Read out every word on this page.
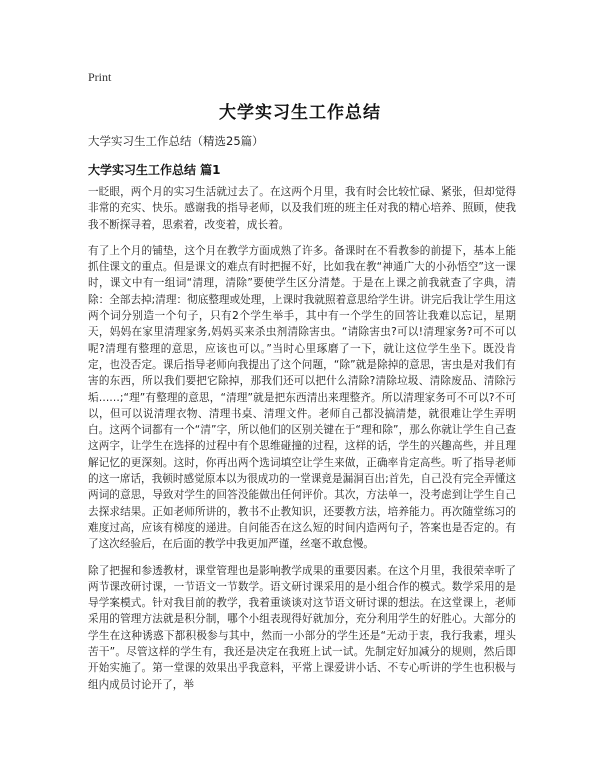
Print
大学实习生工作总结
大学实习生工作总结（精选25篇）
大学实习生工作总结 篇1

一眨眼，两个月的实习生活就过去了。在这两个月里，我有时会比较忙碌、紧张，但却觉得非常的充实、快乐。感谢我的指导老师，以及我们班的班主任对我的精心培养、照顾，使我我不断探寻着，思索着，改变着，成长着。

有了上个月的铺垫，这个月在教学方面成熟了许多。备课时在不看教参的前提下，基本上能抓住课文的重点。但是课文的难点有时把握不好，比如我在教“神通广大的小孙悟空”这一课时，课文中有一组词“清理，清除”要使学生区分清楚。于是在上课之前我就查了字典，清除：全部去掉;清理：彻底整理或处理，上课时我就照着意思给学生讲。讲完后我让学生用这两个词分别造一个句子，只有2个学生举手，其中有一个学生的回答让我难以忘记，星期天，妈妈在家里清理家务,妈妈买来杀虫剂清除害虫。“请除害虫?可以!清理家务?可不可以呢?清理有整理的意思，应该也可以。”当时心里琢磨了一下，就让这位学生坐下。既没肯定，也没否定。课后指导老师向我提出了这个问题，“除”就是除掉的意思，害虫是对我们有害的东西，所以我们要把它除掉，那我们还可以把什么清除?清除垃圾、清除废品、清除污垢……;“理”有整理的意思，“清理”就是把东西清出来理整齐。所以清理家务可不可以?不可以，但可以说清理衣物、清理书桌、清理文件。老师自己都没搞清楚，就很难让学生弄明白。这两个词都有一个“清”字，所以他们的区别关键在于“理和除”，那么你就让学生自己查这两字，让学生在选择的过程中有个思维碰撞的过程，这样的话，学生的兴趣高些，并且理解记忆的更深刻。这时，你再出两个选词填空让学生来做，正确率肯定高些。听了指导老师的这一席话，我顿时感觉原本以为很成功的一堂课竟是漏洞百出;首先，自己没有完全弄懂这两词的意思，导致对学生的回答没能做出任何评价。其次，方法单一，没考虑到让学生自己去探求结果。正如老师所讲的，教书不止教知识，还要教方法，培养能力。再次随堂练习的难度过高，应该有梯度的递进。自问能否在这么短的时间内造两句子，答案也是否定的。有了这次经验后，在后面的教学中我更加严谨，丝毫不敢怠慢。

除了把握和参透教材，课堂管理也是影响教学成果的重要因素。在这个月里，我很荣幸听了两节课改研讨课，一节语文一节数学。语文研讨课采用的是小组合作的模式。数学采用的是导学案模式。针对我目前的教学，我着重谈谈对这节语文研讨课的想法。在这堂课上，老师采用的管理方法就是积分制，哪个小组表现得好就加分，充分利用学生的好胜心。大部分的学生在这种诱惑下都积极参与其中，然而一小部分的学生还是“无动于衷，我行我素，埋头苦干”。尽管这样的学生有，我还是决定在我班上试一试。先制定好加减分的规则，然后即开始实施了。第一堂课的效果出乎我意料，平常上课爱讲小话、不专心听讲的学生也积极与组内成员讨论开了，举
